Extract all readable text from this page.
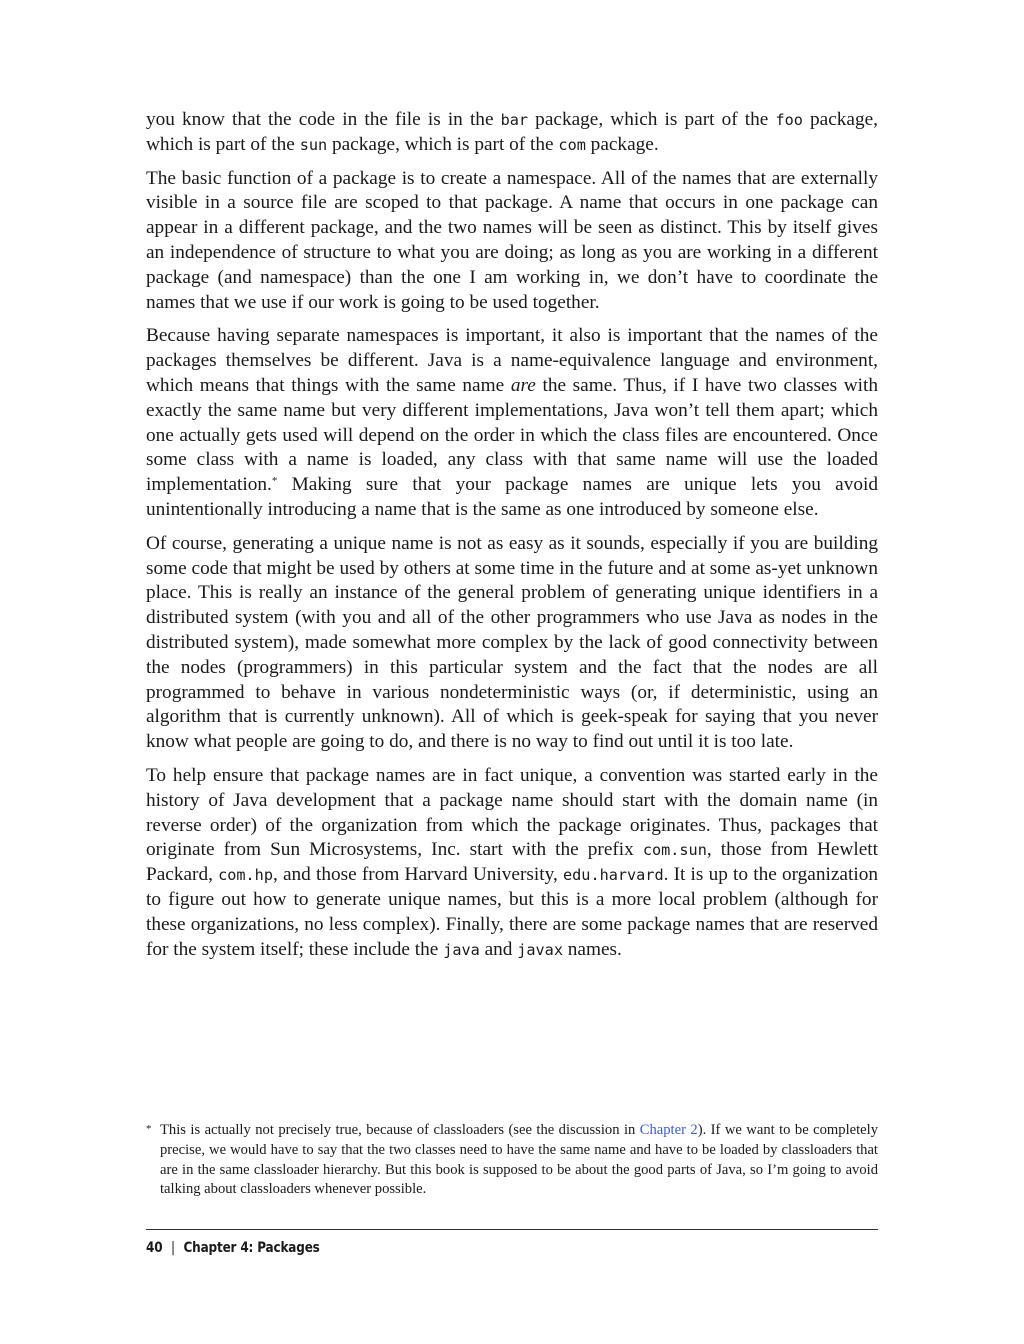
you know that the code in the file is in the bar package, which is part of the foo package, which is part of the sun package, which is part of the com package.

The basic function of a package is to create a namespace. All of the names that are externally visible in a source file are scoped to that package. A name that occurs in one package can appear in a different package, and the two names will be seen as distinct. This by itself gives an independence of structure to what you are doing; as long as you are working in a different package (and namespace) than the one I am working in, we don’t have to coordinate the names that we use if our work is going to be used together.

Because having separate namespaces is important, it also is important that the names of the packages themselves be different. Java is a name-equivalence language and environment, which means that things with the same name are the same. Thus, if I have two classes with exactly the same name but very different implementations, Java won’t tell them apart; which one actually gets used will depend on the order in which the class files are encountered. Once some class with a name is loaded, any class with that same name will use the loaded implementation.* Making sure that your package names are unique lets you avoid unintentionally introducing a name that is the same as one introduced by someone else.

Of course, generating a unique name is not as easy as it sounds, especially if you are building some code that might be used by others at some time in the future and at some as-yet unknown place. This is really an instance of the general problem of generating unique identifiers in a distributed system (with you and all of the other programmers who use Java as nodes in the distributed system), made somewhat more complex by the lack of good connectivity between the nodes (programmers) in this particular system and the fact that the nodes are all programmed to behave in various nondeterministic ways (or, if deterministic, using an algorithm that is currently unknown). All of which is geek-speak for saying that you never know what people are going to do, and there is no way to find out until it is too late.

To help ensure that package names are in fact unique, a convention was started early in the history of Java development that a package name should start with the domain name (in reverse order) of the organization from which the package originates. Thus, packages that originate from Sun Microsystems, Inc. start with the prefix com.sun, those from Hewlett Packard, com.hp, and those from Harvard University, edu.harvard. It is up to the organization to figure out how to generate unique names, but this is a more local problem (although for these organizations, no less complex). Finally, there are some package names that are reserved for the system itself; these include the java and javax names.

* This is actually not precisely true, because of classloaders (see the discussion in Chapter 2). If we want to be completely precise, we would have to say that the two classes need to have the same name and have to be loaded by classloaders that are in the same classloader hierarchy. But this book is supposed to be about the good parts of Java, so I’m going to avoid talking about classloaders whenever possible.
40 | Chapter 4: Packages
